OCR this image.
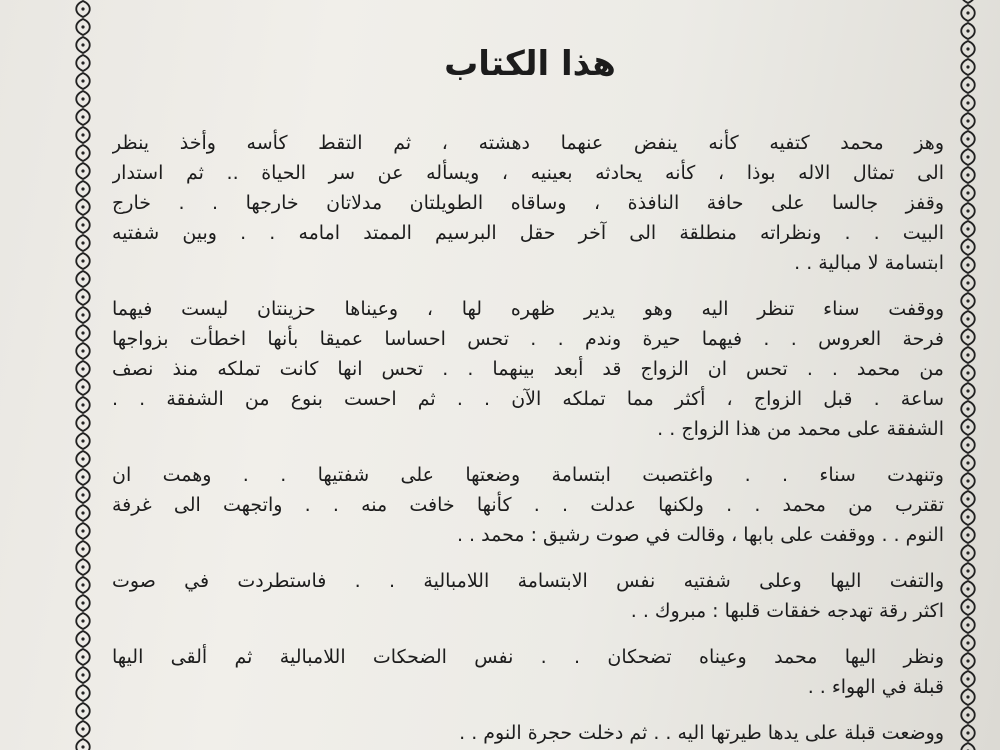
هذا الكتاب
وهز محمد كتفيه كأنه ينفض عنهما دهشته ، ثم التقط كأسه وأخذ ينظر
الى تمثال الاله بوذا ، كأنه يحادثه بعينيه ، ويسأله عن سر الحياة .. ثم استدار
وقفز جالسا على حافة النافذة ، وساقاه الطويلتان مدلاتان خارجها . . خارج
البيت . . ونظراته منطلقة الى آخر حقل البرسيم الممتد امامه . . وبين شفتيه
ابتسامة لا مبالية . .
ووقفت سناء تنظر اليه وهو يدير ظهره لها ، وعيناها حزينتان ليست فيهما
فرحة العروس . . فيهما حيرة وندم . . تحس احساسا عميقا بأنها اخطأت بزواجها
من محمد . . تحس ان الزواج قد أبعد بينهما . . تحس انها كانت تملكه منذ نصف
ساعة . قبل الزواج ، أكثر مما تملكه الآن . . ثم احست بنوع من الشفقة . .
الشفقة على محمد من هذا الزواج . .
وتنهدت سناء . . واغتصبت ابتسامة وضعتها على شفتيها . . وهمت ان
تقترب من محمد . . ولكنها عدلت . . كأنها خافت منه . . واتجهت الى غرفة
النوم . . ووقفت على بابها ، وقالت في صوت رشيق : محمد . .
والتفت اليها وعلى شفتيه نفس الابتسامة اللامبالية . . فاستطردت في صوت
اكثر رقة تهدجه خفقات قلبها : مبروك . .
ونظر اليها محمد وعيناه تضحكان . . نفس الضحكات اللامبالية ثم ألقى اليها
قبلة في الهواء . .
ووضعت قبلة على يدها طيرتها اليه . . ثم دخلت حجرة النوم . .
